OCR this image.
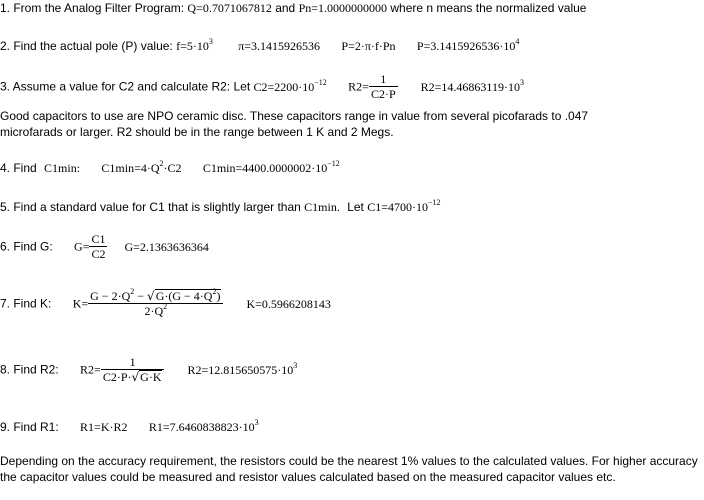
1. From the Analog Filter Program: Q=0.7071067812 and Pn=1.0000000000 where n means the normalized value
2. Find the actual pole (P) value: $f=5\cdot 10^3$ π=3.1415926536 P=2·π·f·Pn $P=3.1415926536\cdot 10^4$
3. Assume a value for C2 and calculate R2: Let $C2=2200\cdot 10^{-12}$ $R2= \frac{1}{C2\cdot P} R2=14.46863119\cdot 10^3$
Good capacitors to use are NPO ceramic disc. These capacitors range in value from several picofarads to .047 microfarads or larger. R2 should be in the range between 1 K and 2 Megs.
4. Find C1min: $C1\min=4\cdot Q^2\cdot C2$ $C1\min=4400.0000002\cdot 10^{-12}$
5. Find a standard value for C1 that is slightly larger than C1min. Let $C1=4700\cdot 10^{-12}$
6. Find G: $G= \frac{C1}{C2} G=2.1363636364$
7. Find K: $K= \frac{G - 2\cdot Q^2 - √G\cdot(G - 4\cdot Q^2)}{2\cdot Q^2} K=0.5966208143$
8. Find R2: $R2= \frac{1}{C2\cdot P\cdot√G\cdot K} R2=12.815650575\cdot 10^3$
9. Find R1: R1=K·R2 $R1=7.6460838823\cdot 10^3$
Depending on the accuracy requirement, the resistors could be the nearest 1% values to the calculated values. For higher accuracy the capacitor values could be measured and resistor values calculated based on the measured capacitor values etc.
